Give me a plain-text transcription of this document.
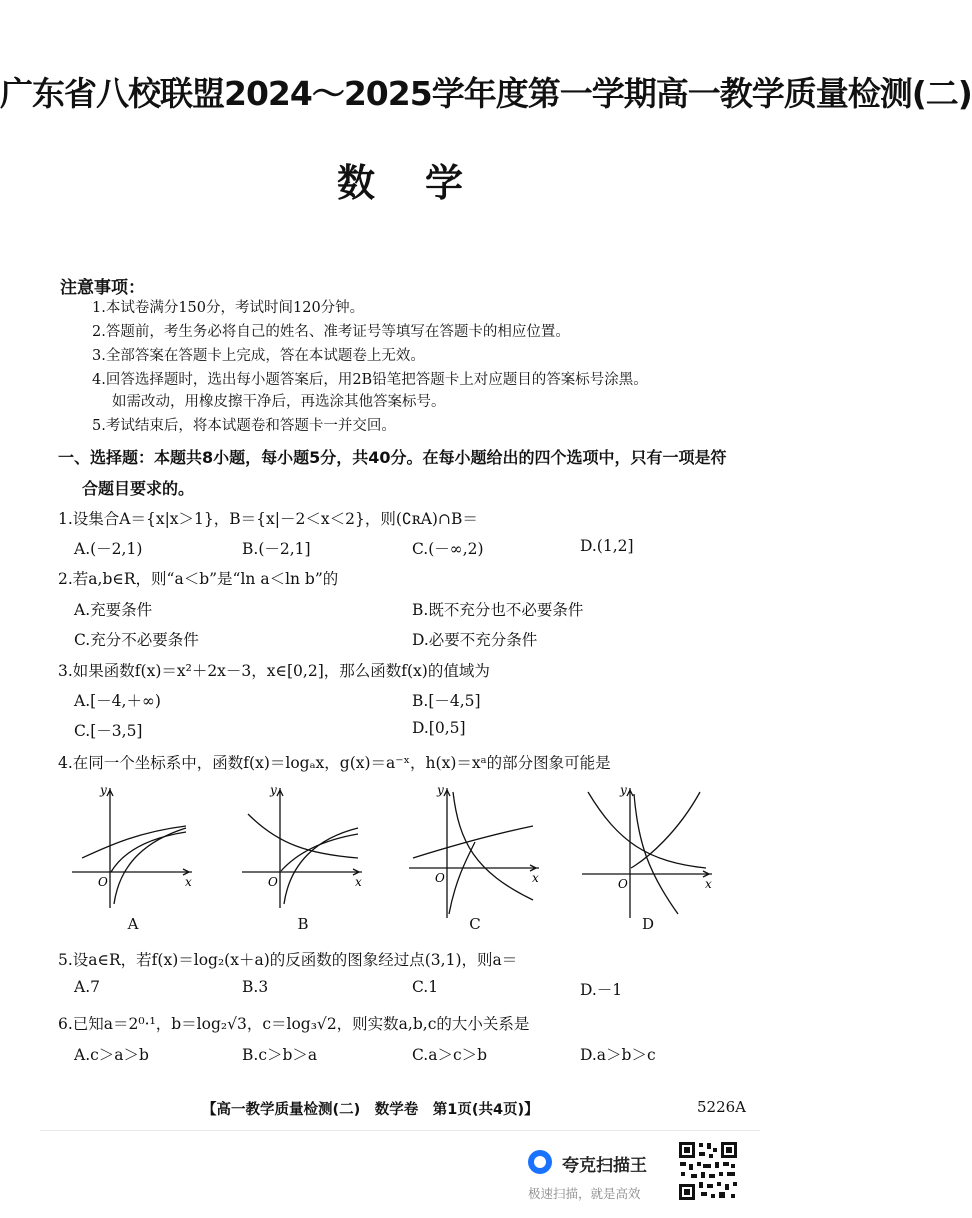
广东省八校联盟2024～2025学年度第一学期高一教学质量检测(二)
数学
注意事项：
1.本试卷满分150分，考试时间120分钟。
2.答题前，考生务必将自己的姓名、准考证号等填写在答题卡的相应位置。
3.全部答案在答题卡上完成，答在本试题卷上无效。
4.回答选择题时，选出每小题答案后，用2B铅笔把答题卡上对应题目的答案标号涂黑。
如需改动，用橡皮擦干净后，再选涂其他答案标号。
5.考试结束后，将本试题卷和答题卡一并交回。
一、选择题：本题共8小题，每小题5分，共40分。在每小题给出的四个选项中，只有一项是符
合题目要求的。
1.设集合A＝{x|x＞1}，B＝{x|－2＜x＜2}，则(∁ʀA)∩B＝
A.(－2,1)	B.(－2,1]	C.(－∞,2)	D.(1,2]
2.若a,b∈R，则“a＜b”是“ln a＜ln b”的
A.充要条件	B.既不充分也不必要条件
C.充分不必要条件	D.必要不充分条件
3.如果函数f(x)＝x²＋2x－3，x∈[0,2]，那么函数f(x)的值域为
A.[－4,＋∞)	B.[－4,5]
C.[－3,5]	D.[0,5]
4.在同一个坐标系中，函数f(x)＝logₐx，g(x)＝a⁻ˣ，h(x)＝xᵃ的部分图象可能是
O	x
y
A
O	x
y
B
O	x
y
C
O	x
y
D
5.设a∈R，若f(x)＝log₂(x＋a)的反函数的图象经过点(3,1)，则a＝
A.7	B.3	C.1	D.－1
6.已知a＝2⁰·¹，b＝log₂√3，c＝log₃√2，则实数a,b,c的大小关系是
A.c＞a＞b	B.c＞b＞a	C.a＞c＞b	D.a＞b＞c
【高一教学质量检测(二)　数学卷　第1页(共4页)】	5226A
夸克扫描王
极速扫描，就是高效
